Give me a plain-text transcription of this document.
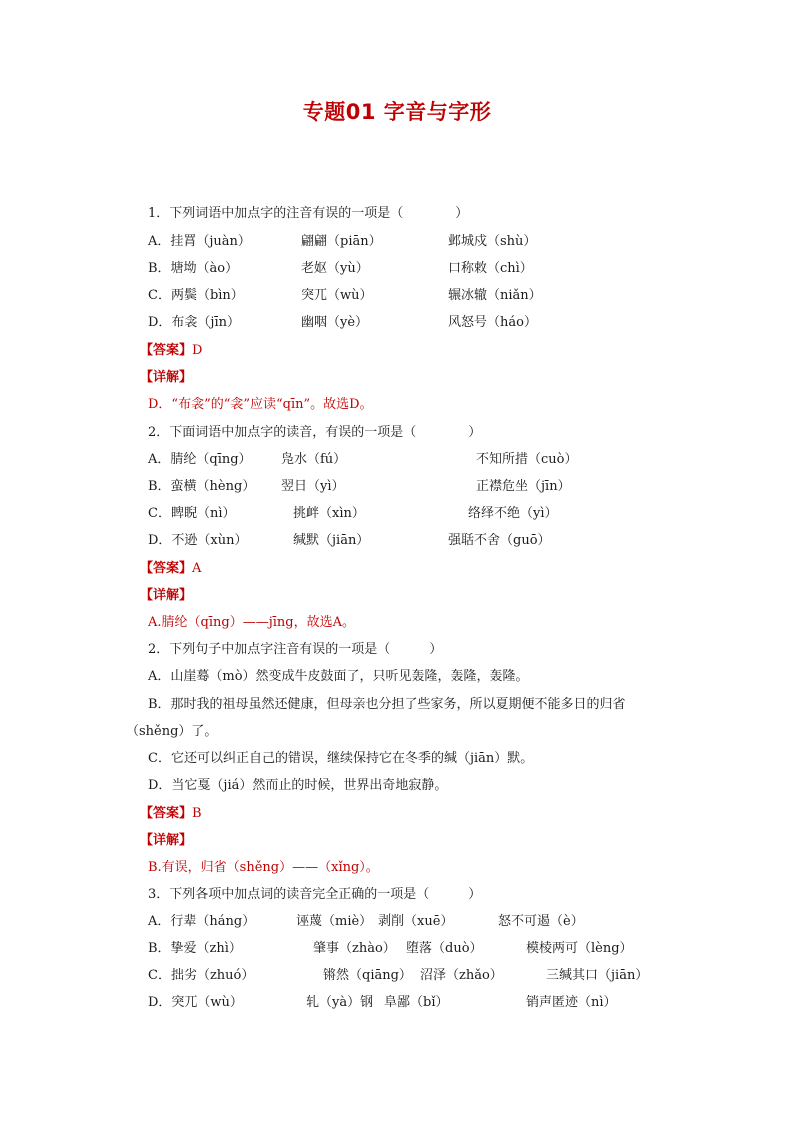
专题01 字音与字形
1．下列词语中加点字的注音有误的一项是（　　　　）
A．挂罥（juàn）	翩翩（piān）	邺城戍（shù）
B．塘坳（ào）	老妪（yù）	口称敕（chì）
C．两鬓（bìn）	突兀（wù）	辗冰辙（niǎn）
D．布衾（jīn）	幽咽（yè）	风怒号（háo）
【答案】D
【详解】
D．“布衾”的“衾”应读“qīn”。故选D。
2．下面词语中加点字的读音，有误的一项是（　　　　）
A．腈纶（qīng） 凫水（fú）	不知所措（cuò）
B．蛮横（hèng） 翌日（yì）	正襟危坐（jīn）
C．睥睨（nì）	挑衅（xìn）	络绎不绝（yì）
D．不逊（xùn）	缄默（jiān）	强聒不舍（guō）
【答案】A
【详解】
A.腈纶（qīng）——jīng，故选A。
2．下列句子中加点字注音有误的一项是（　　　）
A．山崖蓦（mò）然变成牛皮鼓面了，只听见轰隆，轰隆，轰隆。
B．那时我的祖母虽然还健康，但母亲也分担了些家务，所以夏期便不能多日的归省
（shěng）了。
C．它还可以纠正自己的错误，继续保持它在冬季的缄（jiān）默。
D．当它戛（jiá）然而止的时候，世界出奇地寂静。
【答案】B
【详解】
B.有误，归省（shěng）——（xǐng）。
3．下列各项中加点词的读音完全正确的一项是（　　　）
A．行辈（háng）	诬蔑（miè） 剥削（xuē）	怒不可遏（è）
B．挚爱（zhì）	肇事（zhào） 堕落（duò）	模棱两可（lèng）
C．拙劣（zhuó）	锵然（qiāng） 沼泽（zhǎo）	三缄其口（jiān）
D．突兀（wù）	轧（yà）钢 阜鄙（bǐ）	销声匿迹（nì）
